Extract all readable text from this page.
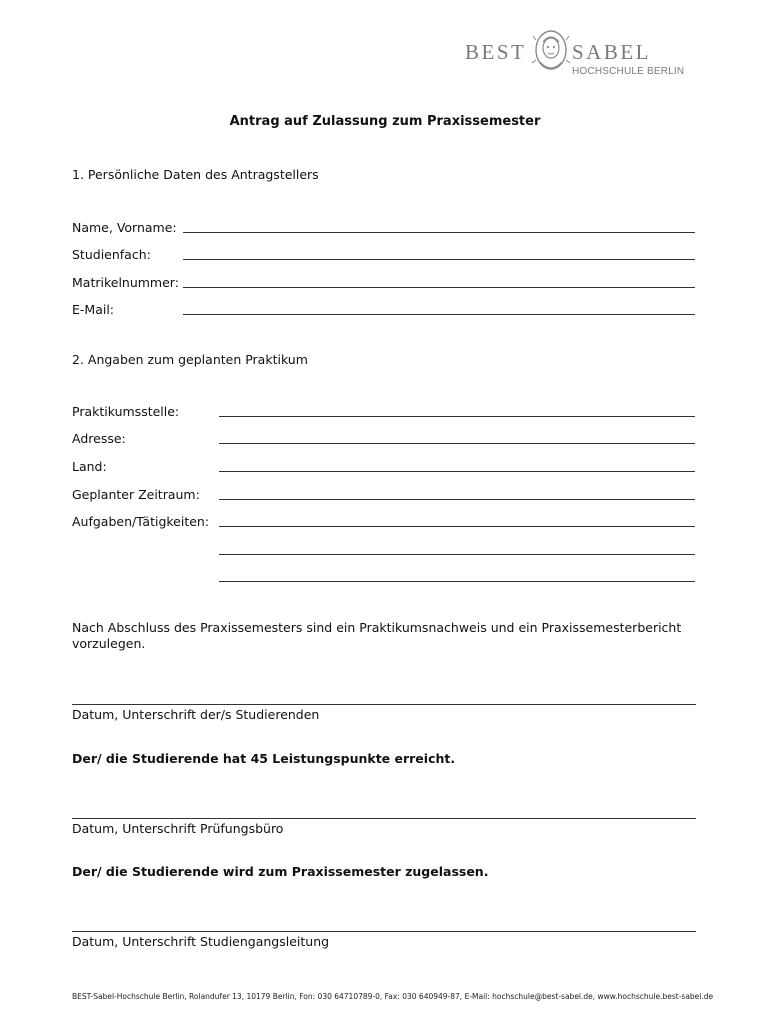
BEST SABEL
HOCHSCHULE BERLIN
Antrag auf Zulassung zum Praxissemester
1. Persönliche Daten des Antragstellers
Name, Vorname:
Studienfach:
Matrikelnummer:
E-Mail:
2. Angaben zum geplanten Praktikum
Praktikumsstelle:
Adresse:
Land:
Geplanter Zeitraum:
Aufgaben/Tätigkeiten:
Nach Abschluss des Praxissemesters sind ein Praktikumsnachweis und ein Praxissemesterbericht vorzulegen.
Datum, Unterschrift der/s Studierenden
Der/ die Studierende hat 45 Leistungspunkte erreicht.
Datum, Unterschrift Prüfungsbüro
Der/ die Studierende wird zum Praxissemester zugelassen.
Datum, Unterschrift Studiengangsleitung
BEST-Sabel-Hochschule Berlin, Rolandufer 13, 10179 Berlin, Fon: 030 64710789-0, Fax: 030 640949-87, E-Mail: hochschule@best-sabel.de, www.hochschule.best-sabel.de
